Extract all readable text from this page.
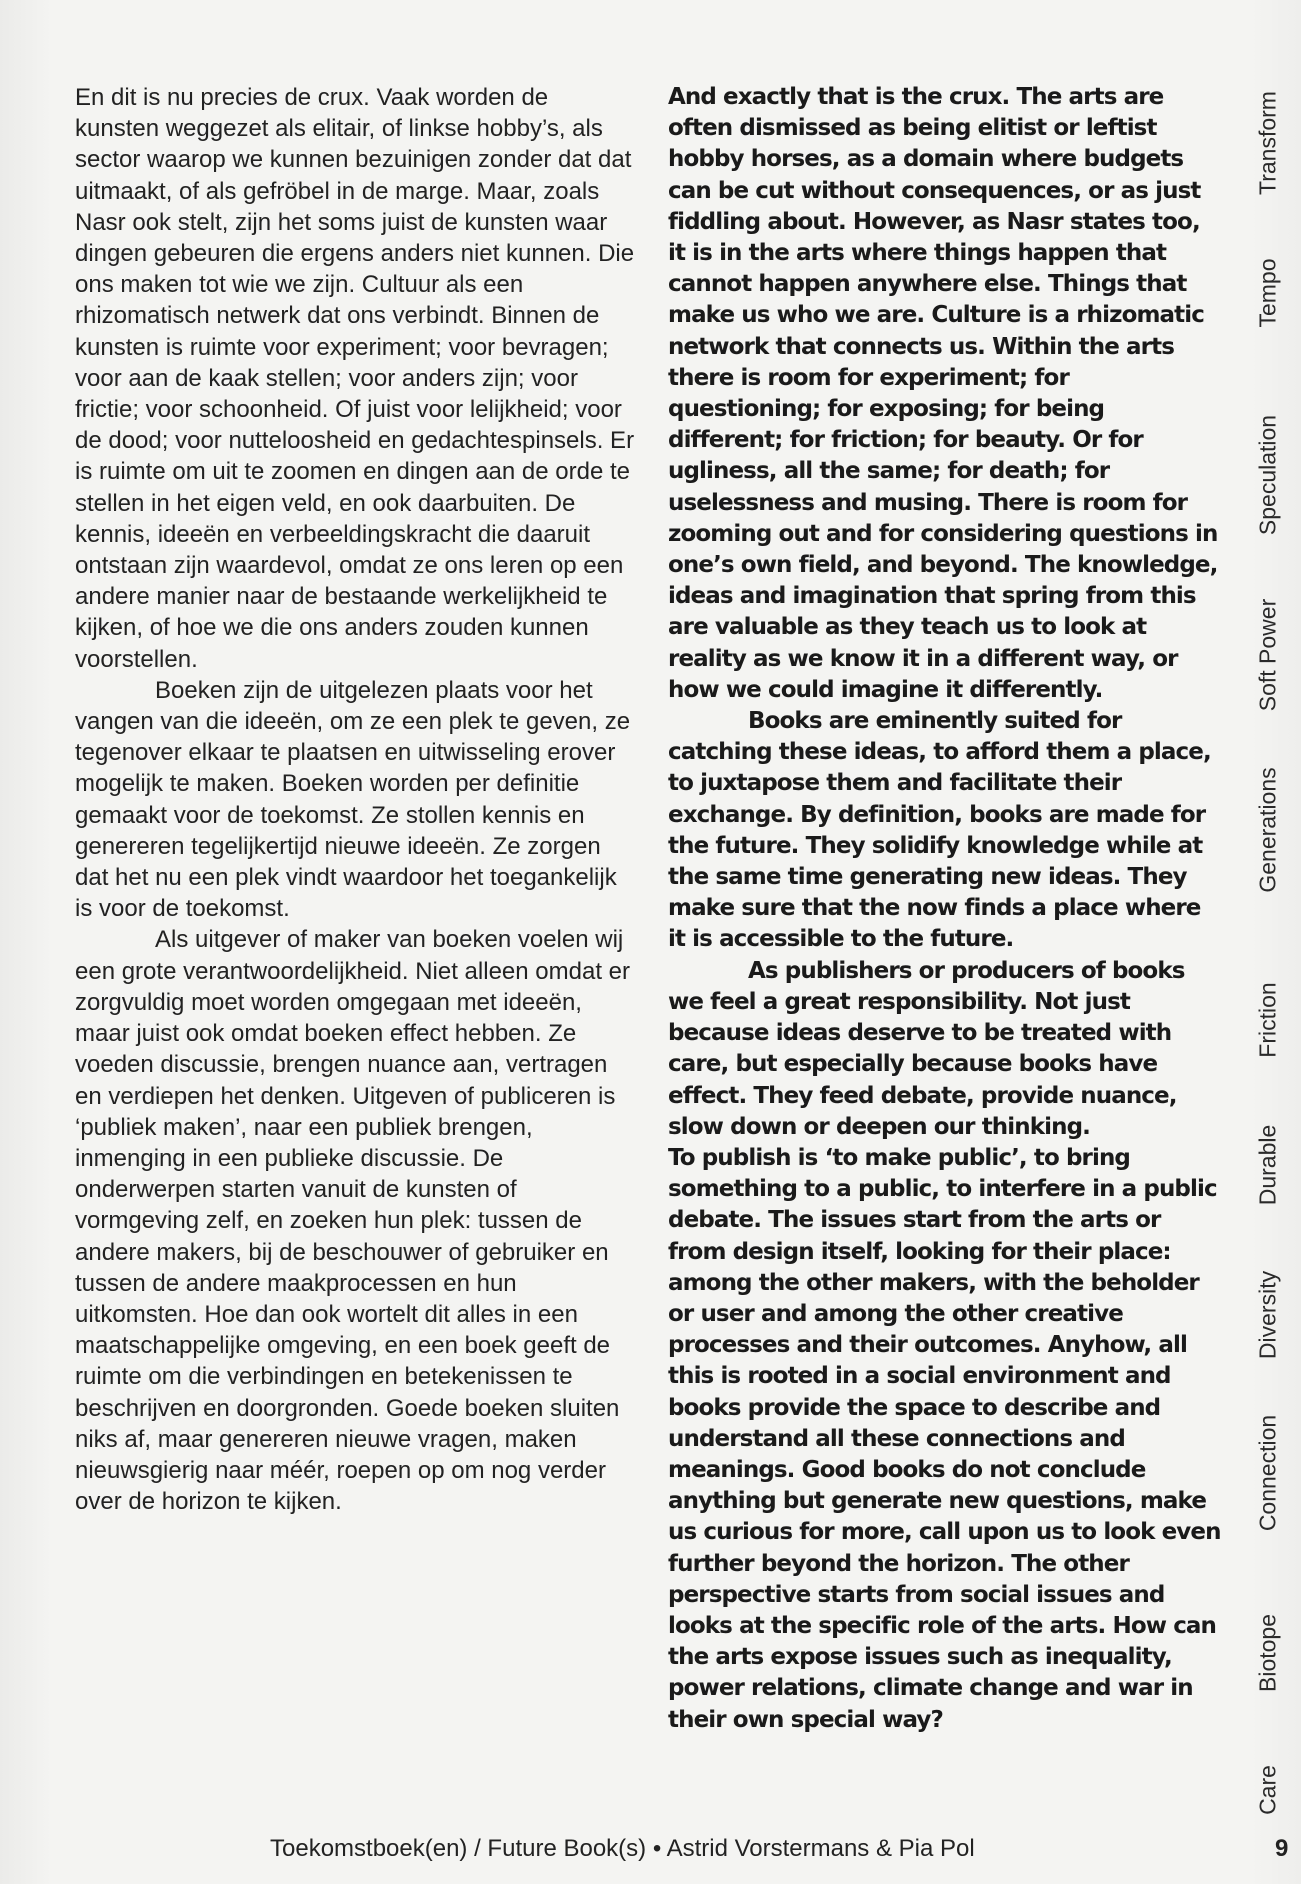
En dit is nu precies de crux. Vaak worden de kunsten weggezet als elitair, of linkse hobby’s, als sector waarop we kunnen bezuinigen zonder dat dat uitmaakt, of als gefröbel in de marge. Maar, zoals Nasr ook stelt, zijn het soms juist de kunsten waar dingen gebeuren die ergens anders niet kunnen. Die ons maken tot wie we zijn. Cultuur als een rhizomatisch netwerk dat ons verbindt. Binnen de kunsten is ruimte voor experiment; voor bevragen; voor aan de kaak stellen; voor anders zijn; voor frictie; voor schoonheid. Of juist voor lelijkheid; voor de dood; voor nutteloosheid en gedachtespinsels. Er is ruimte om uit te zoomen en dingen aan de orde te stellen in het eigen veld, en ook daarbuiten. De kennis, ideeën en verbeeldingskracht die daaruit ontstaan zijn waardevol, omdat ze ons leren op een andere manier naar de bestaande werkelijkheid te kijken, of hoe we die ons anders zouden kunnen voorstellen.

Boeken zijn de uitgelezen plaats voor het vangen van die ideeën, om ze een plek te geven, ze tegenover elkaar te plaatsen en uitwisseling erover mogelijk te maken. Boeken worden per definitie gemaakt voor de toekomst. Ze stollen kennis en genereren tegelijkertijd nieuwe ideeën. Ze zorgen dat het nu een plek vindt waardoor het toegankelijk is voor de toekomst.

Als uitgever of maker van boeken voelen wij een grote verantwoordelijkheid. Niet alleen omdat er zorgvuldig moet worden omgegaan met ideeën, maar juist ook omdat boeken effect hebben. Ze voeden discussie, brengen nuance aan, vertragen en verdiepen het denken. Uitgeven of publiceren is ‘publiek maken’, naar een publiek brengen, inmenging in een publieke discussie. De onderwerpen starten vanuit de kunsten of vormgeving zelf, en zoeken hun plek: tussen de andere makers, bij de beschouwer of gebruiker en tussen de andere maakprocessen en hun uitkomsten. Hoe dan ook wortelt dit alles in een maatschappelijke omgeving, en een boek geeft de ruimte om die verbindingen en betekenissen te beschrijven en doorgronden. Goede boeken sluiten niks af, maar genereren nieuwe vragen, maken nieuwsgierig naar méér, roepen op om nog verder over de horizon te kijken.

And exactly that is the crux. The arts are often dismissed as being elitist or leftist hobby horses, as a domain where budgets can be cut without consequences, or as just fiddling about. However, as Nasr states too, it is in the arts where things happen that cannot happen anywhere else. Things that make us who we are. Culture is a rhizomatic network that connects us. Within the arts there is room for experiment; for questioning; for exposing; for being different; for friction; for beauty. Or for ugliness, all the same; for death; for uselessness and musing. There is room for zooming out and for considering questions in one’s own field, and beyond. The knowledge, ideas and imagination that spring from this are valuable as they teach us to look at reality as we know it in a different way, or how we could imagine it differently.

Books are eminently suited for catching these ideas, to afford them a place, to juxtapose them and facilitate their exchange. By definition, books are made for the future. They solidify knowledge while at the same time generating new ideas. They make sure that the now finds a place where it is accessible to the future.

As publishers or producers of books we feel a great responsibility. Not just because ideas deserve to be treated with care, but especially because books have effect. They feed debate, provide nuance, slow down or deepen our thinking.

To publish is ‘to make public’, to bring something to a public, to interfere in a public debate. The issues start from the arts or from design itself, looking for their place: among the other makers, with the beholder or user and among the other creative processes and their outcomes. Anyhow, all this is rooted in a social environment and books provide the space to describe and understand all these connections and meanings. Good books do not conclude anything but generate new questions, make us curious for more, call upon us to look even further beyond the horizon. The other perspective starts from social issues and looks at the specific role of the arts. How can the arts expose issues such as inequality, power relations, climate change and war in their own special way?

Transform
Tempo
Speculation
Soft Power
Generations
Friction
Durable
Diversity
Connection
Biotope
Care
Toekomstboek(en) / Future Book(s) • Astrid Vorstermans & Pia Pol	9
